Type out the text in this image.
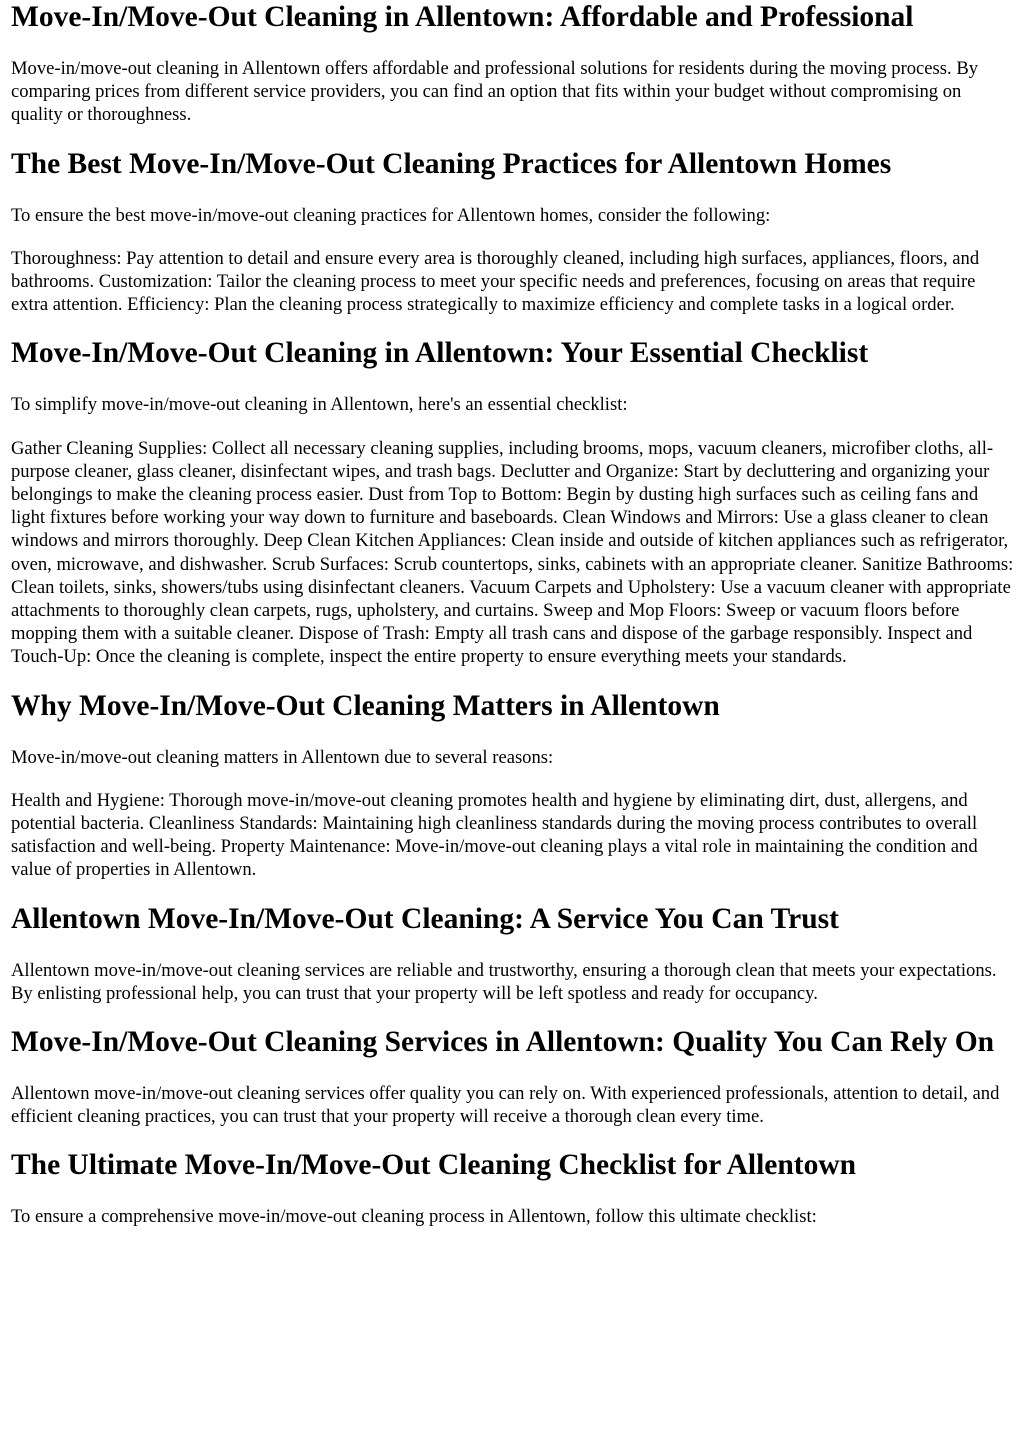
Move-In/Move-Out Cleaning in Allentown: Affordable and Professional

Move-in/move-out cleaning in Allentown offers affordable and professional solutions for residents during the moving process. By comparing prices from different service providers, you can find an option that fits within your budget without compromising on quality or thoroughness.

The Best Move-In/Move-Out Cleaning Practices for Allentown Homes

To ensure the best move-in/move-out cleaning practices for Allentown homes, consider the following:

Thoroughness: Pay attention to detail and ensure every area is thoroughly cleaned, including high surfaces, appliances, floors, and bathrooms. Customization: Tailor the cleaning process to meet your specific needs and preferences, focusing on areas that require extra attention. Efficiency: Plan the cleaning process strategically to maximize efficiency and complete tasks in a logical order.

Move-In/Move-Out Cleaning in Allentown: Your Essential Checklist

To simplify move-in/move-out cleaning in Allentown, here's an essential checklist:

Gather Cleaning Supplies: Collect all necessary cleaning supplies, including brooms, mops, vacuum cleaners, microfiber cloths, all-purpose cleaner, glass cleaner, disinfectant wipes, and trash bags. Declutter and Organize: Start by decluttering and organizing your belongings to make the cleaning process easier. Dust from Top to Bottom: Begin by dusting high surfaces such as ceiling fans and light fixtures before working your way down to furniture and baseboards. Clean Windows and Mirrors: Use a glass cleaner to clean windows and mirrors thoroughly. Deep Clean Kitchen Appliances: Clean inside and outside of kitchen appliances such as refrigerator, oven, microwave, and dishwasher. Scrub Surfaces: Scrub countertops, sinks, cabinets with an appropriate cleaner. Sanitize Bathrooms: Clean toilets, sinks, showers/tubs using disinfectant cleaners. Vacuum Carpets and Upholstery: Use a vacuum cleaner with appropriate attachments to thoroughly clean carpets, rugs, upholstery, and curtains. Sweep and Mop Floors: Sweep or vacuum floors before mopping them with a suitable cleaner. Dispose of Trash: Empty all trash cans and dispose of the garbage responsibly. Inspect and Touch-Up: Once the cleaning is complete, inspect the entire property to ensure everything meets your standards.

Why Move-In/Move-Out Cleaning Matters in Allentown

Move-in/move-out cleaning matters in Allentown due to several reasons:

Health and Hygiene: Thorough move-in/move-out cleaning promotes health and hygiene by eliminating dirt, dust, allergens, and potential bacteria. Cleanliness Standards: Maintaining high cleanliness standards during the moving process contributes to overall satisfaction and well-being. Property Maintenance: Move-in/move-out cleaning plays a vital role in maintaining the condition and value of properties in Allentown.

Allentown Move-In/Move-Out Cleaning: A Service You Can Trust

Allentown move-in/move-out cleaning services are reliable and trustworthy, ensuring a thorough clean that meets your expectations. By enlisting professional help, you can trust that your property will be left spotless and ready for occupancy.

Move-In/Move-Out Cleaning Services in Allentown: Quality You Can Rely On

Allentown move-in/move-out cleaning services offer quality you can rely on. With experienced professionals, attention to detail, and efficient cleaning practices, you can trust that your property will receive a thorough clean every time.

The Ultimate Move-In/Move-Out Cleaning Checklist for Allentown

To ensure a comprehensive move-in/move-out cleaning process in Allentown, follow this ultimate checklist:
